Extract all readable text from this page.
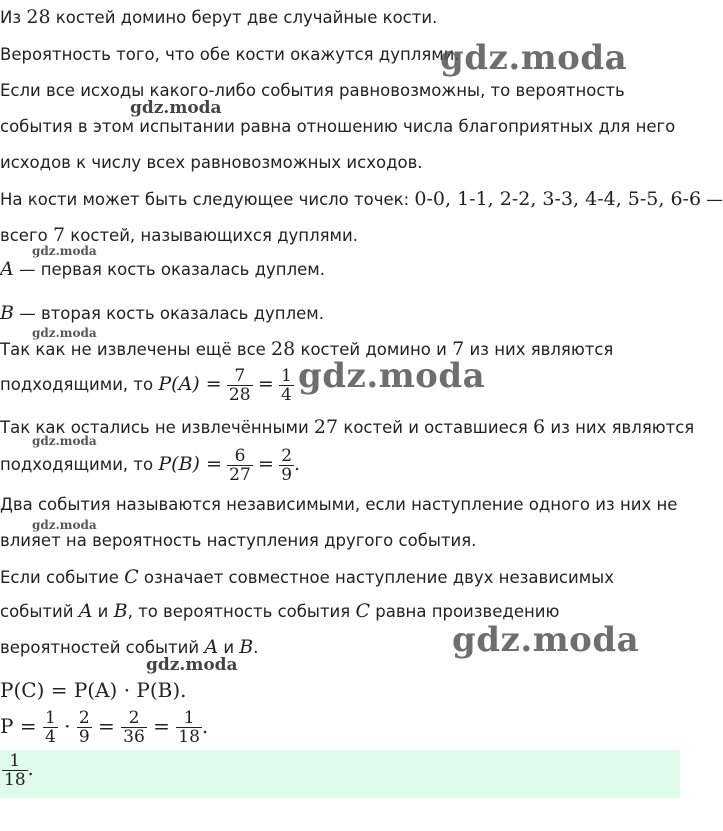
Из 28 костей домино берут две случайные кости.
Вероятность того, что обе кости окажутся дуплями.
Если все исходы какого-либо события равновозможны, то вероятность
события в этом испытании равна отношению числа благоприятных для него
исходов к числу всех равновозможных исходов.
На кости может быть следующее число точек: 0-0, 1-1, 2-2, 3-3, 4-4, 5-5, 6-6 —
всего 7 костей, называющихся дуплями.
A — первая кость оказалась дуплем.
B — вторая кость оказалась дуплем.
Так как не извлечены ещё все 28 костей домино и 7 из них являются
подходящими, то $P(A) = \frac{7}{28} = \frac{1}{4}$
Так как остались не извлечёнными 27 костей и оставшиеся 6 из них являются
подходящими, то $P(B) = \frac{6}{27} = \frac{2}{9}$ .
Два события называются независимыми, если наступление одного из них не
влияет на вероятность наступления другого события.
Если событие C означает совместное наступление двух независимых
событий A и B, то вероятность события C равна произведению
вероятностей событий A и B.
P(C) = P(A) · P(B).
$P = \frac{1}{4} \cdot \frac{2}{9} = \frac{2}{36} = \frac{1}{18}$ .
$\frac{1}{18}$ .
gdz.moda
gdz.moda
gdz.moda
gdz.moda
gdz.moda
gdz.moda
gdz.moda
gdz.moda
gdz.moda
